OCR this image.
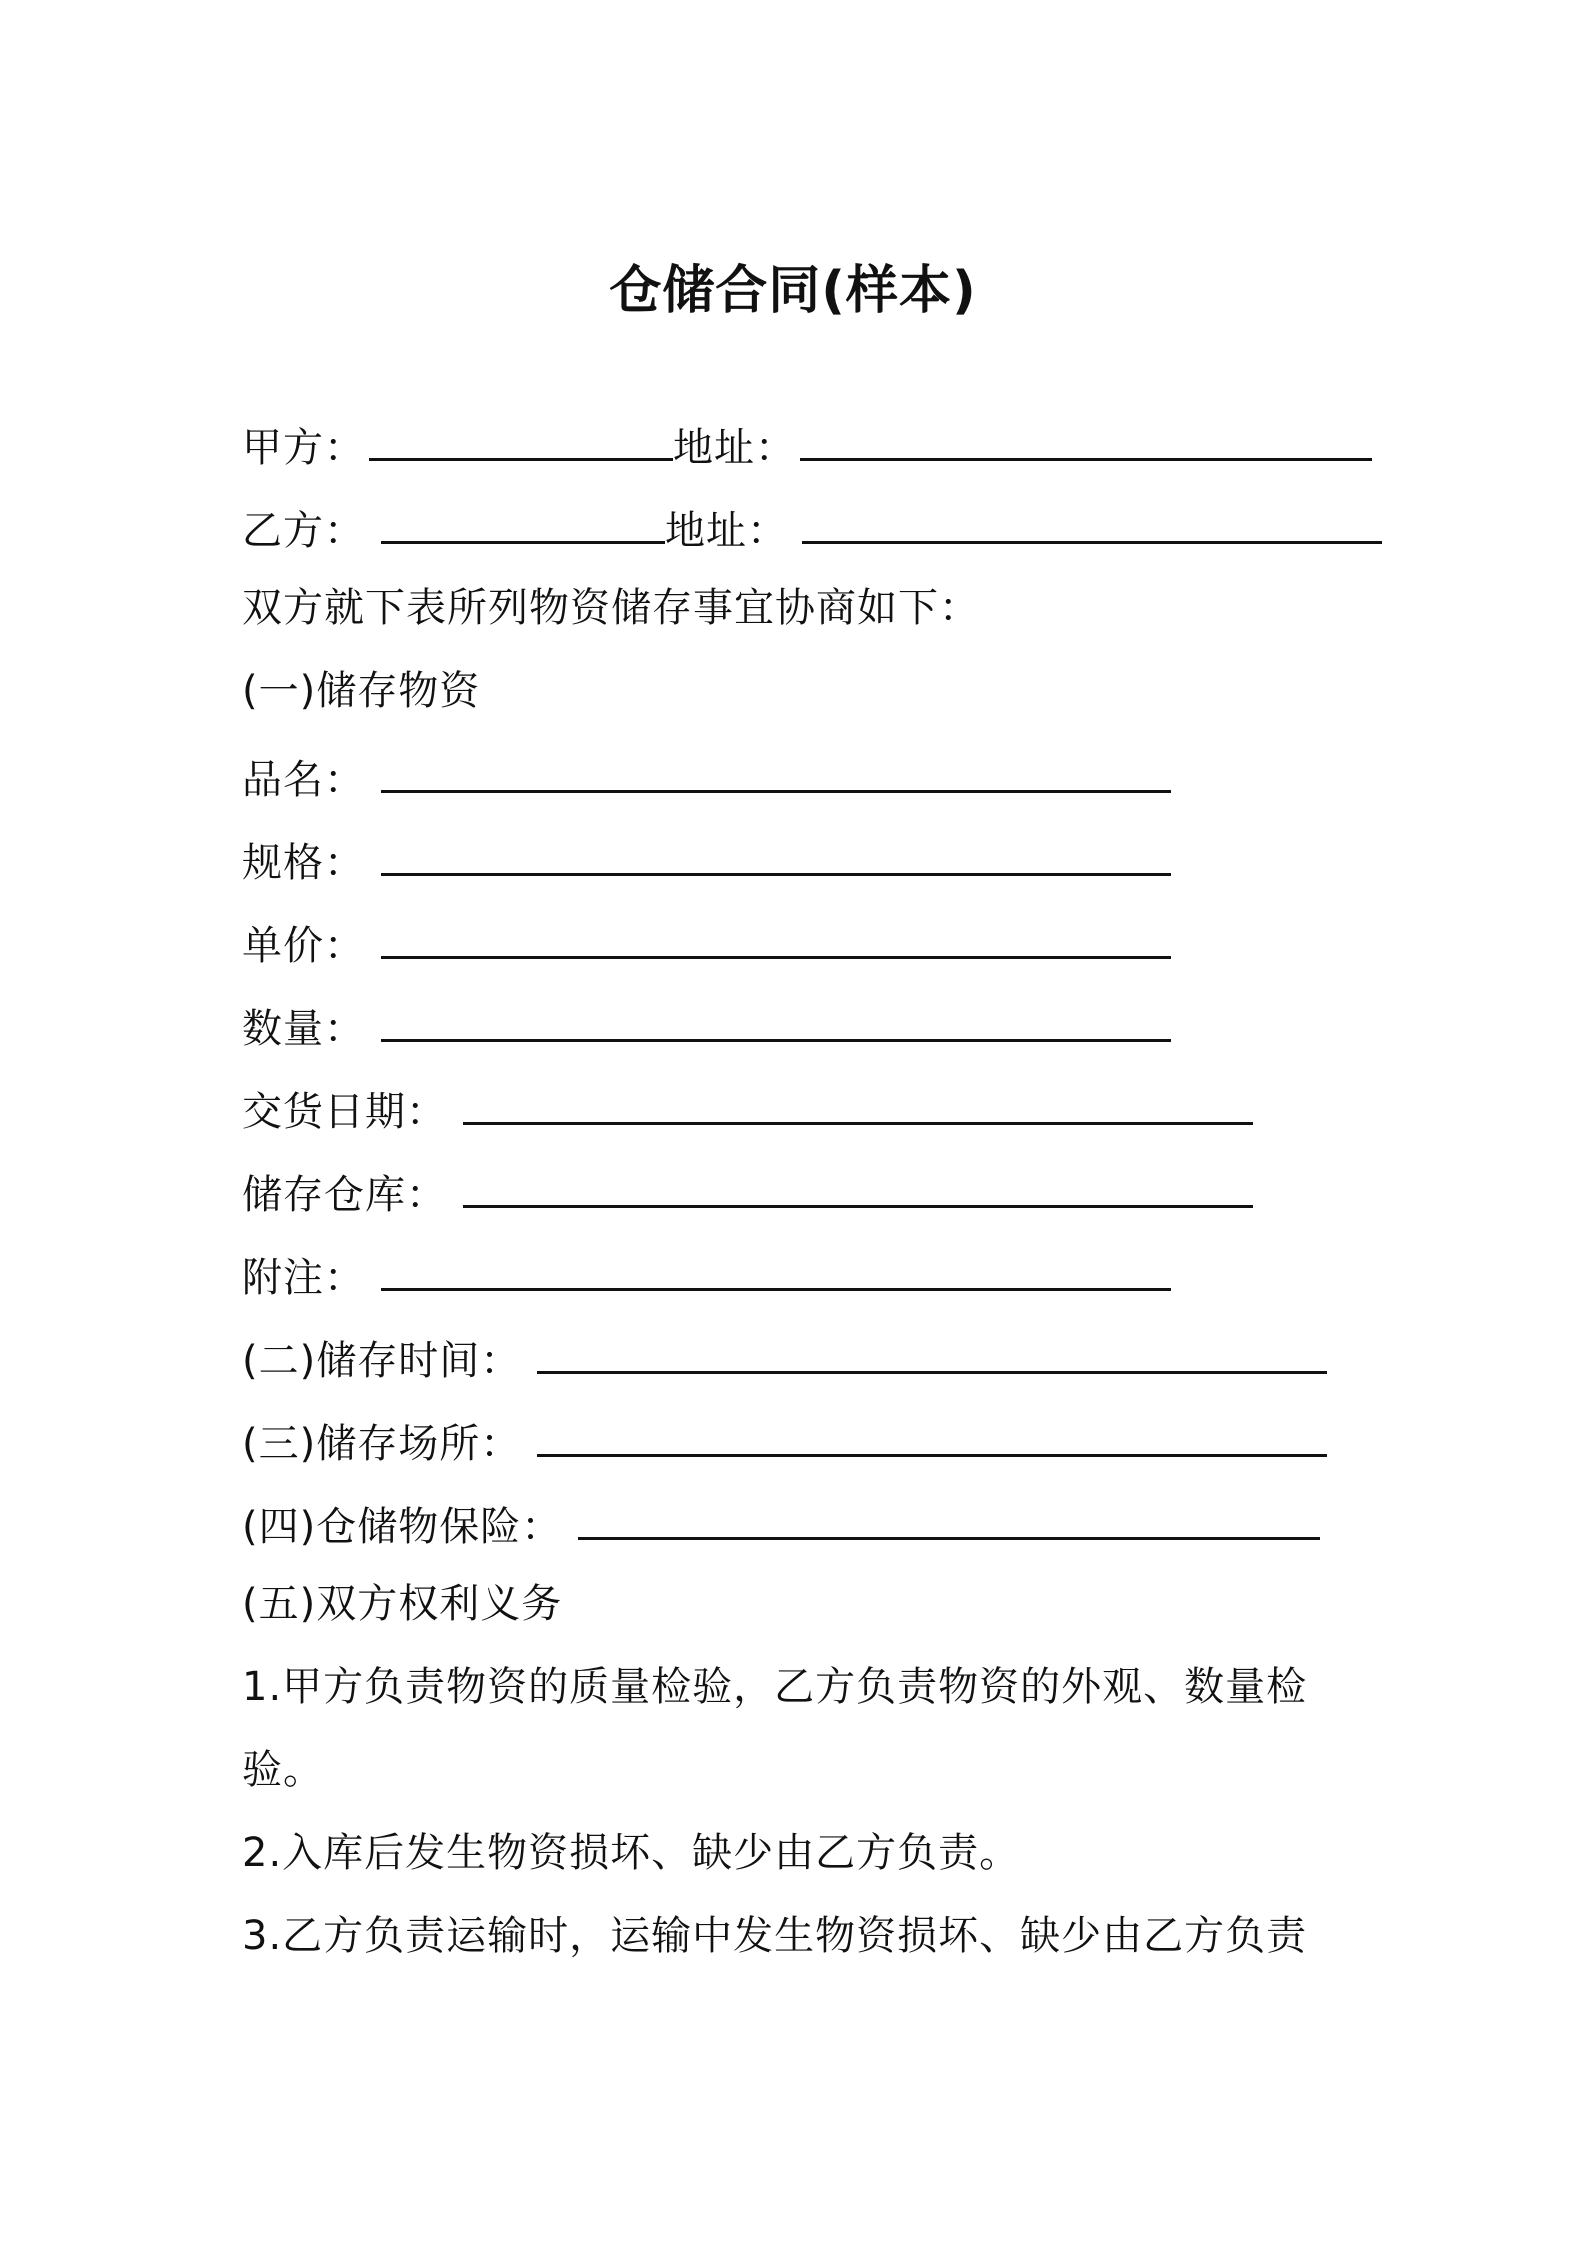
仓储合同(样本)
甲方：	地址：
乙方：	地址：
双方就下表所列物资储存事宜协商如下：
(一)储存物资
品名：
规格：
单价：
数量：
交货日期：
储存仓库：
附注：
(二)储存时间：
(三)储存场所：
(四)仓储物保险：
(五)双方权利义务
1.甲方负责物资的质量检验，乙方负责物资的外观、数量检
验。
2.入库后发生物资损坏、缺少由乙方负责。
3.乙方负责运输时，运输中发生物资损坏、缺少由乙方负责
